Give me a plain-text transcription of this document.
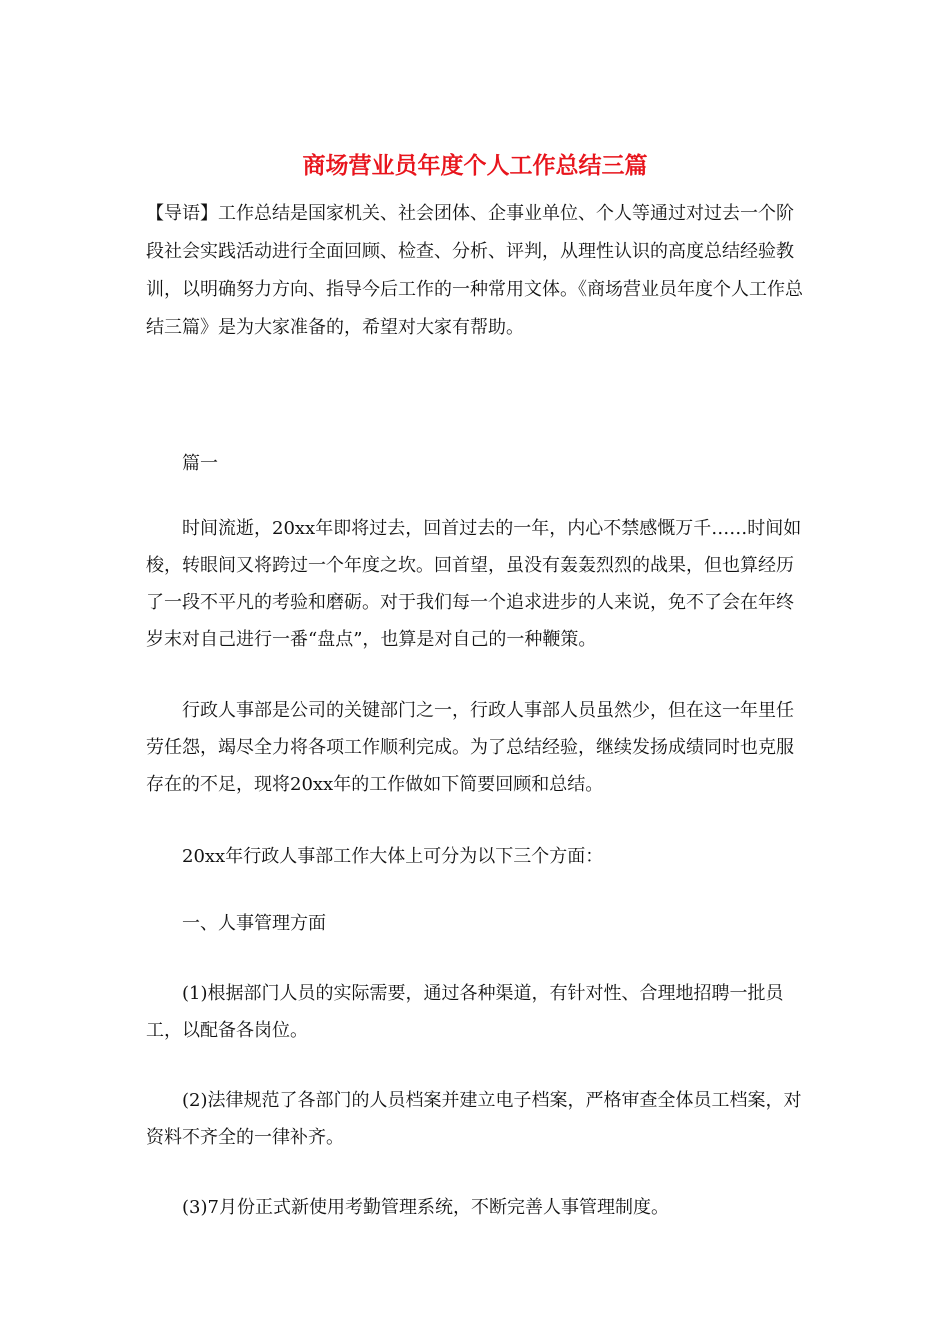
商场营业员年度个人工作总结三篇

【导语】工作总结是国家机关、社会团体、企事业单位、个人等通过对过去一个阶段社会实践活动进行全面回顾、检查、分析、评判，从理性认识的高度总结经验教训，以明确努力方向、指导今后工作的一种常用文体。《商场营业员年度个人工作总结三篇》是为大家准备的，希望对大家有帮助。

篇一

时间流逝，20xx年即将过去，回首过去的一年，内心不禁感慨万千……时间如梭，转眼间又将跨过一个年度之坎。回首望，虽没有轰轰烈烈的战果，但也算经历了一段不平凡的考验和磨砺。对于我们每一个追求进步的人来说，免不了会在年终岁末对自己进行一番“盘点”，也算是对自己的一种鞭策。

行政人事部是公司的关键部门之一，行政人事部人员虽然少，但在这一年里任劳任怨，竭尽全力将各项工作顺利完成。为了总结经验，继续发扬成绩同时也克服存在的不足，现将20xx年的工作做如下简要回顾和总结。

20xx年行政人事部工作大体上可分为以下三个方面：

一、人事管理方面

(1)根据部门人员的实际需要，通过各种渠道，有针对性、合理地招聘一批员工，以配备各岗位。

(2)法律规范了各部门的人员档案并建立电子档案，严格审查全体员工档案，对资料不齐全的一律补齐。

(3)7月份正式新使用考勤管理系统，不断完善人事管理制度。
